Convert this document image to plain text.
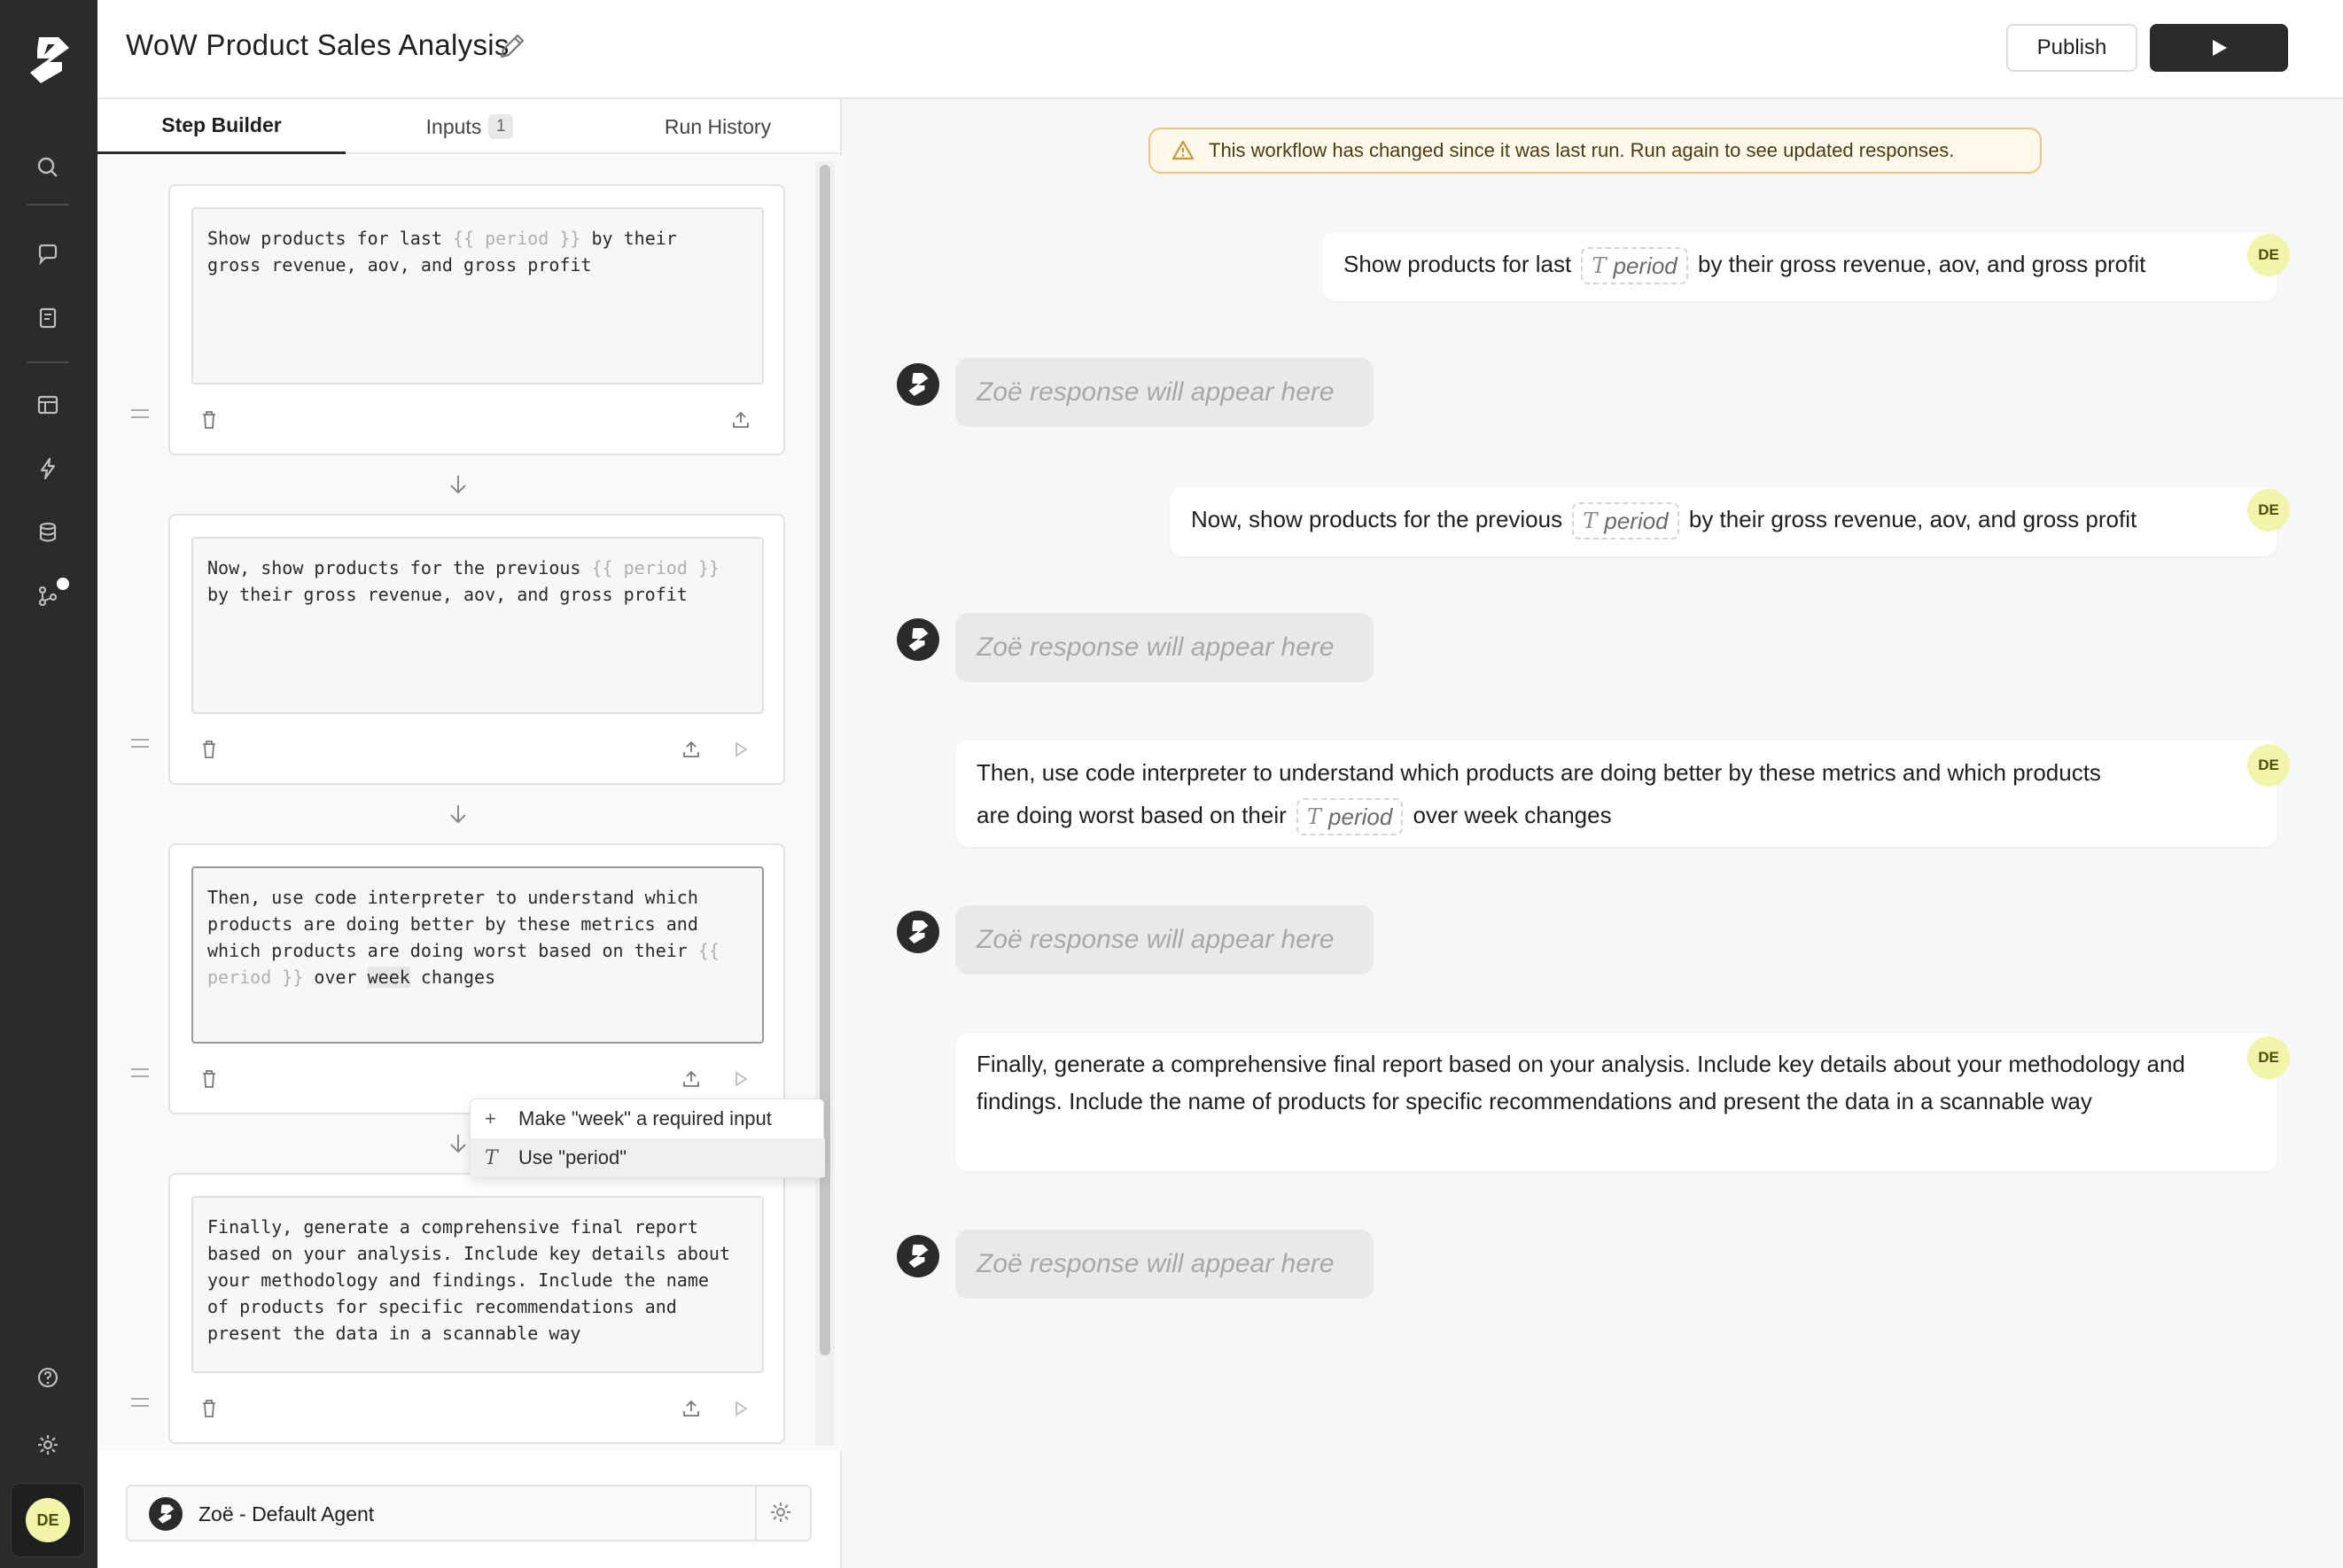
DE
WoW Product Sales Analysis	Publish
Step Builder	Inputs 1	Run History
Show products for last {{ period }} by their
gross revenue, aov, and gross profit
Now, show products for the previous {{ period }}
by their gross revenue, aov, and gross profit
Then, use code interpreter to understand which
products are doing better by these metrics and
which products are doing worst based on their {{
period }} over week changes
Finally, generate a comprehensive final report
based on your analysis. Include key details about
your methodology and findings. Include the name
of products for specific recommendations and
present the data in a scannable way
+	Make "week" a required input
T	Use "period"
Zoë - Default Agent
This workflow has changed since it was last run. Run again to see updated responses.
Show products for last T period by their gross revenue, aov, and gross profit	DE
Zoë response will appear here
Now, show products for the previous T period by their gross revenue, aov, and gross profit	DE
Zoë response will appear here
Then, use code interpreter to understand which products are doing better by these metrics and which products
are doing worst based on their T period over week changes
DE
Zoë response will appear here
Finally, generate a comprehensive final report based on your analysis. Include key details about your methodology and findings. Include the name of products for specific recommendations and present the data in a scannable way
DE
Zoë response will appear here
